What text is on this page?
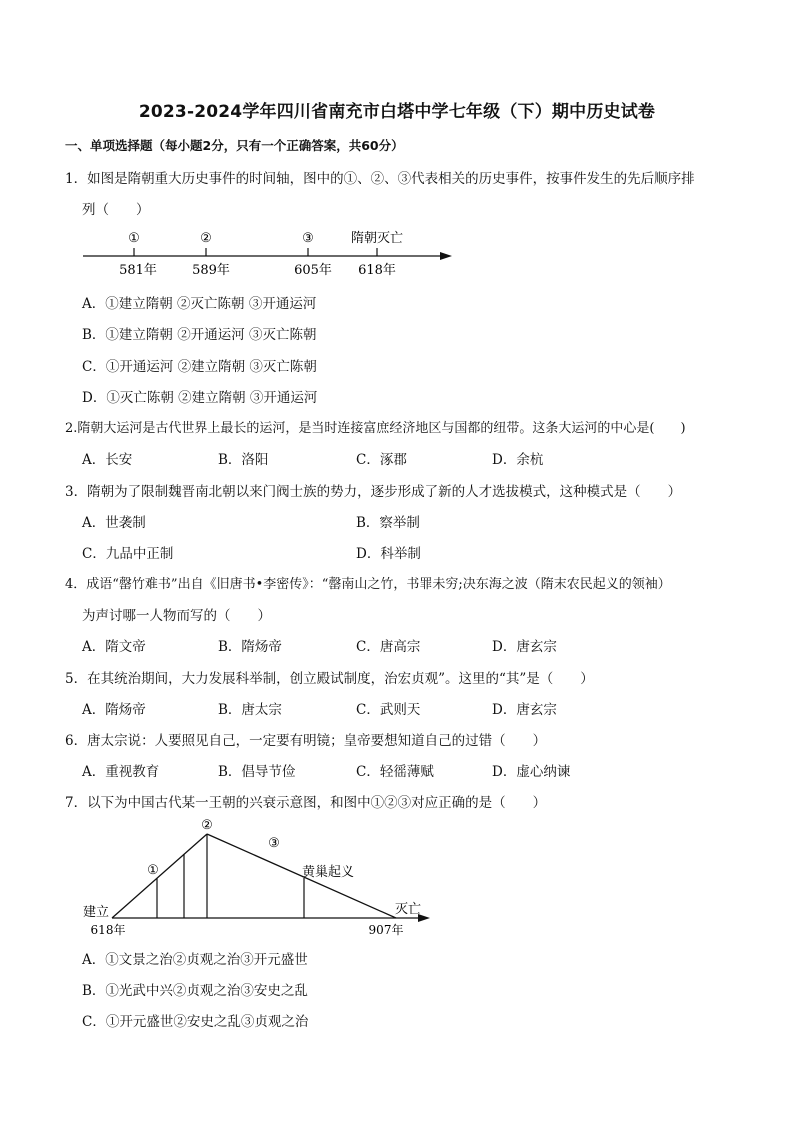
2023-2024学年四川省南充市白塔中学七年级（下）期中历史试卷
一、单项选择题（每小题2分，只有一个正确答案，共60分）
1．如图是隋朝重大历史事件的时间轴，图中的①、②、③代表相关的历史事件，按事件发生的先后顺序排
列（　　）
①	②	③	隋朝灭亡
581年	589年	605年 618年
A．①建立隋朝 ②灭亡陈朝 ③开通运河
B．①建立隋朝 ②开通运河 ③灭亡陈朝
C．①开通运河 ②建立隋朝 ③灭亡陈朝
D．①灭亡陈朝 ②建立隋朝 ③开通运河
2.隋朝大运河是古代世界上最长的运河，是当时连接富庶经济地区与国都的纽带。这条大运河的中心是(　　)
A．长安	B．洛阳	C．涿郡	D．余杭
3．隋朝为了限制魏晋南北朝以来门阀士族的势力，逐步形成了新的人才选拔模式，这种模式是（　　）
A．世袭制	B．察举制
C．九品中正制	D．科举制
4．成语“罄竹难书”出自《旧唐书•李密传》：“罄南山之竹，书罪未穷;决东海之波（隋末农民起义的领袖）
为声讨哪一人物而写的（　　）
A．隋文帝	B．隋炀帝	C．唐高宗	D．唐玄宗
5．在其统治期间，大力发展科举制，创立殿试制度，治宏贞观”。这里的“其”是（　　）
A．隋炀帝	B．唐太宗	C．武则天	D．唐玄宗
6．唐太宗说：人要照见自己，一定要有明镜；皇帝要想知道自己的过错（　　）
A．重视教育	B．倡导节俭	C．轻徭薄赋	D．虚心纳谏
7．以下为中国古代某一王朝的兴衰示意图，和图中①②③对应正确的是（　　）
①
②
③
黄巢起义
建立
618年
灭亡
907年
A．①文景之治②贞观之治③开元盛世
B．①光武中兴②贞观之治③安史之乱
C．①开元盛世②安史之乱③贞观之治
